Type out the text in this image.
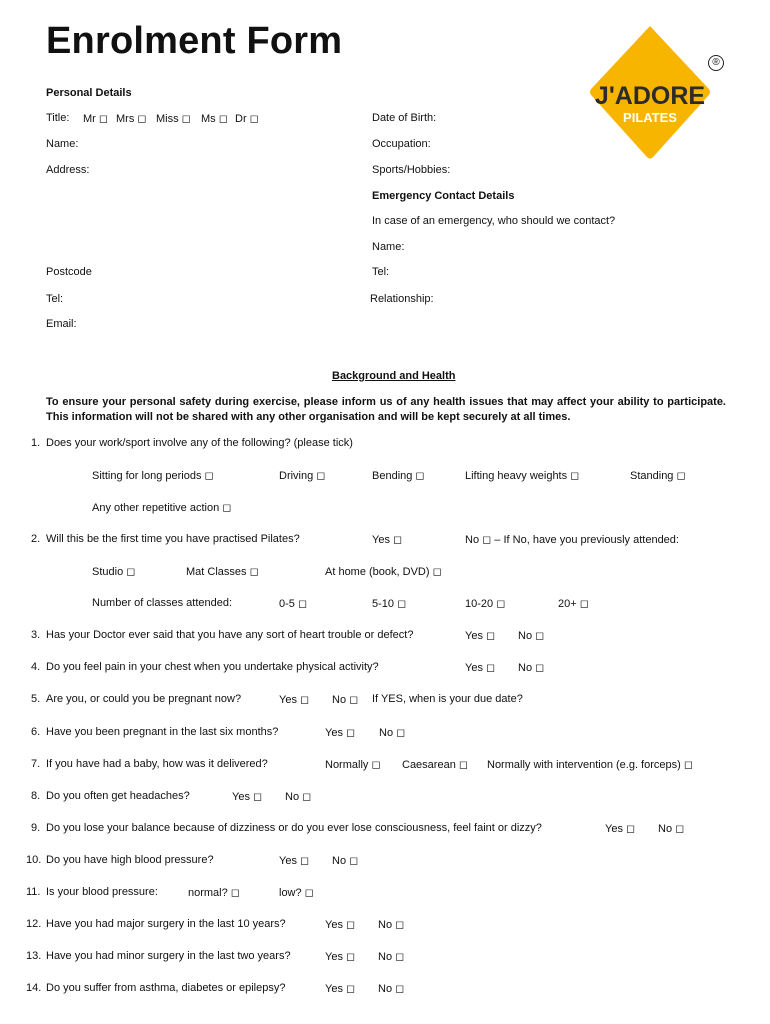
Enrolment Form
J'ADORE
PILATES
®
Personal Details
Title: Mr ◻ Mrs ◻ Miss ◻ Ms ◻ Dr ◻
Name:
Address:
Postcode
Tel:
Email:
Date of Birth:
Occupation:
Sports/Hobbies:
Emergency Contact Details
In case of an emergency, who should we contact?
Name:
Tel:
Relationship:
Background and Health
To ensure your personal safety during exercise, please inform us of any health issues that may affect your ability to participate. This information will not be shared with any other organisation and will be kept securely at all times.
1. Does your work/sport involve any of the following? (please tick)
Sitting for long periods ◻	Driving ◻	Bending ◻	Lifting heavy weights ◻	Standing ◻
Any other repetitive action ◻
2. Will this be the first time you have practised Pilates?	Yes ◻	No ◻ – If No, have you previously attended:
Studio ◻	Mat Classes ◻	At home (book, DVD) ◻
Number of classes attended:	0-5 ◻	5-10 ◻	10-20 ◻	20+ ◻
3. Has your Doctor ever said that you have any sort of heart trouble or defect?	Yes ◻ No ◻
4. Do you feel pain in your chest when you undertake physical activity?	Yes ◻ No ◻
5. Are you, or could you be pregnant now?	Yes ◻ No ◻ If YES, when is your due date?
6. Have you been pregnant in the last six months?	Yes ◻ No ◻
7. If you have had a baby, how was it delivered?	Normally ◻ Caesarean ◻ Normally with intervention (e.g. forceps) ◻
8. Do you often get headaches?	Yes ◻ No ◻
9. Do you lose your balance because of dizziness or do you ever lose consciousness, feel faint or dizzy?	Yes ◻ No ◻
10. Do you have high blood pressure?	Yes ◻ No ◻
11. Is your blood pressure:	normal? ◻	low? ◻
12. Have you had major surgery in the last 10 years?	Yes ◻ No ◻
13. Have you had minor surgery in the last two years?	Yes ◻ No ◻
14. Do you suffer from asthma, diabetes or epilepsy?	Yes ◻ No ◻
